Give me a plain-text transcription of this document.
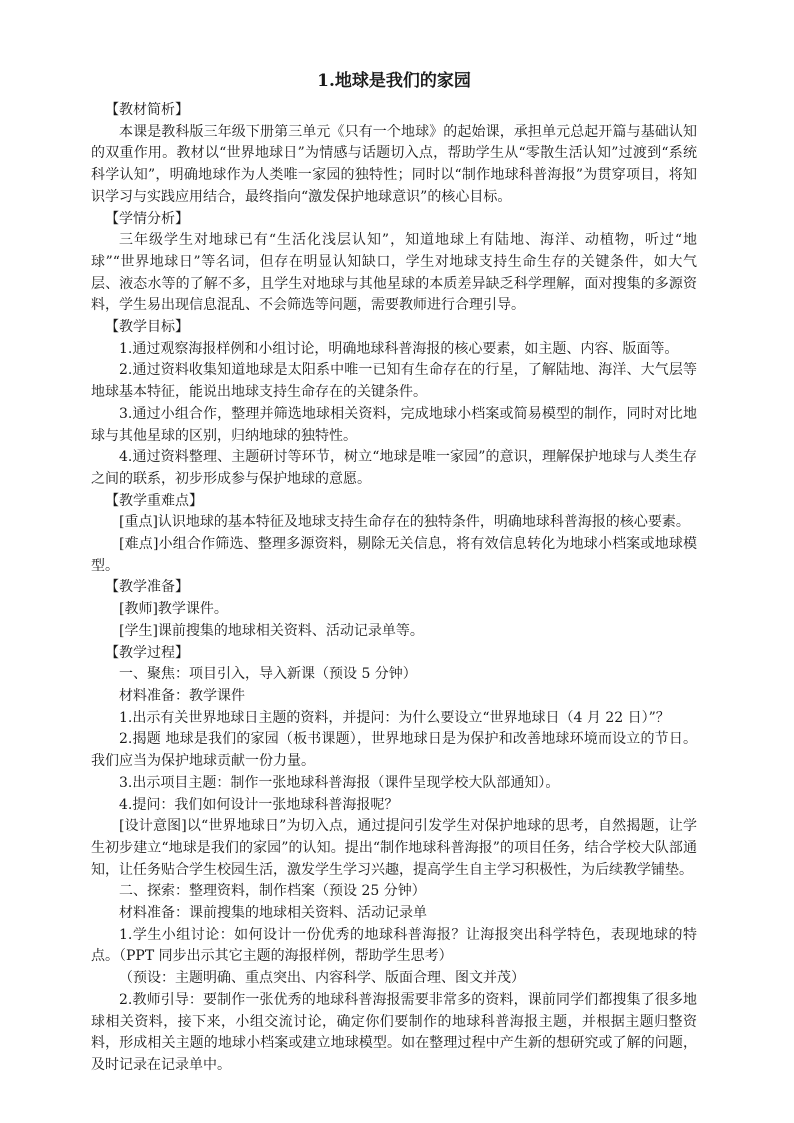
1.地球是我们的家园

【教材简析】

本课是教科版三年级下册第三单元《只有一个地球》的起始课，承担单元总起开篇与基础认知的双重作用。教材以“世界地球日”为情感与话题切入点，帮助学生从“零散生活认知”过渡到“系统科学认知”，明确地球作为人类唯一家园的独特性；同时以“制作地球科普海报”为贯穿项目，将知识学习与实践应用结合，最终指向“激发保护地球意识”的核心目标。

【学情分析】

三年级学生对地球已有“生活化浅层认知”，知道地球上有陆地、海洋、动植物，听过“地球”“世界地球日”等名词，但存在明显认知缺口，学生对地球支持生命生存的关键条件，如大气层、液态水等的了解不多，且学生对地球与其他星球的本质差异缺乏科学理解，面对搜集的多源资料，学生易出现信息混乱、不会筛选等问题，需要教师进行合理引导。

【教学目标】

1.通过观察海报样例和小组讨论，明确地球科普海报的核心要素，如主题、内容、版面等。

2.通过资料收集知道地球是太阳系中唯一已知有生命存在的行星，了解陆地、海洋、大气层等地球基本特征，能说出地球支持生命存在的关键条件。

3.通过小组合作，整理并筛选地球相关资料，完成地球小档案或简易模型的制作，同时对比地球与其他星球的区别，归纳地球的独特性。

4.通过资料整理、主题研讨等环节，树立“地球是唯一家园”的意识，理解保护地球与人类生存之间的联系，初步形成参与保护地球的意愿。

【教学重难点】

[重点]认识地球的基本特征及地球支持生命存在的独特条件，明确地球科普海报的核心要素。

[难点]小组合作筛选、整理多源资料，剔除无关信息，将有效信息转化为地球小档案或地球模型。

【教学准备】

[教师]教学课件。

[学生]课前搜集的地球相关资料、活动记录单等。

【教学过程】

一、聚焦：项目引入，导入新课（预设 5 分钟）

材料准备：教学课件

1.出示有关世界地球日主题的资料，并提问：为什么要设立“世界地球日（4 月 22 日）”？

2.揭题 地球是我们的家园（板书课题），世界地球日是为保护和改善地球环境而设立的节日。我们应当为保护地球贡献一份力量。

3.出示项目主题：制作一张地球科普海报（课件呈现学校大队部通知）。

4.提问：我们如何设计一张地球科普海报呢？

[设计意图]以“世界地球日”为切入点，通过提问引发学生对保护地球的思考，自然揭题，让学生初步建立“地球是我们的家园”的认知。提出“制作地球科普海报”的项目任务，结合学校大队部通知，让任务贴合学生校园生活，激发学生学习兴趣，提高学生自主学习积极性，为后续教学铺垫。

二、探索：整理资料，制作档案（预设 25 分钟）

材料准备：课前搜集的地球相关资料、活动记录单

1.学生小组讨论：如何设计一份优秀的地球科普海报？让海报突出科学特色，表现地球的特点。（PPT 同步出示其它主题的海报样例，帮助学生思考）

（预设：主题明确、重点突出、内容科学、版面合理、图文并茂）

2.教师引导：要制作一张优秀的地球科普海报需要非常多的资料，课前同学们都搜集了很多地球相关资料，接下来，小组交流讨论，确定你们要制作的地球科普海报主题，并根据主题归整资料，形成相关主题的地球小档案或建立地球模型。如在整理过程中产生新的想研究或了解的问题，及时记录在记录单中。
